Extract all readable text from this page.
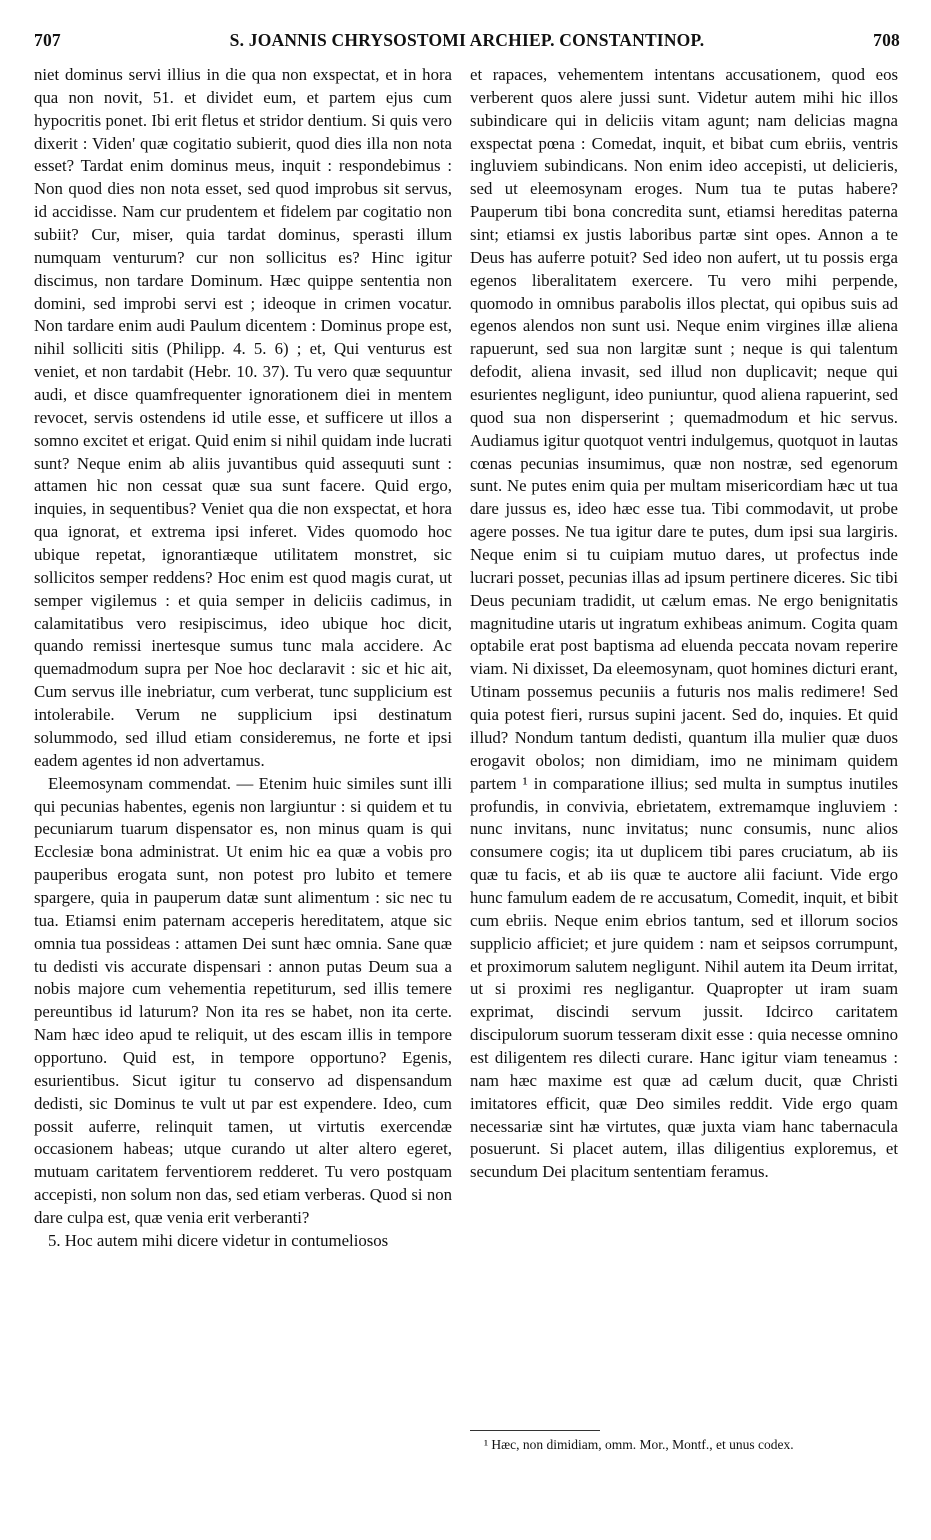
707	S. JOANNIS CHRYSOSTOMI ARCHIEP. CONSTANTINOP.	708

niet dominus servi illius in die qua non exspectat, et in hora qua non novit, 51. et dividet eum, et partem ejus cum hypocritis ponet. Ibi erit fletus et stridor dentium. Si quis vero dixerit : Viden' quæ cogitatio subierit, quod dies illa non nota esset? Tardat enim dominus meus, inquit : respondebimus : Non quod dies non nota esset, sed quod improbus sit servus, id accidisse. Nam cur prudentem et fidelem par cogitatio non subiit? Cur, miser, quia tardat dominus, sperasti illum numquam venturum? cur non sollicitus es? Hinc igitur discimus, non tardare Dominum. Hæc quippe sententia non domini, sed improbi servi est ; ideoque in crimen vocatur. Non tardare enim audi Paulum dicentem : Dominus prope est, nihil solliciti sitis (Philipp. 4. 5. 6) ; et, Qui venturus est veniet, et non tardabit (Hebr. 10. 37). Tu vero quæ sequuntur audi, et disce quamfrequenter ignorationem diei in mentem revocet, servis ostendens id utile esse, et sufficere ut illos a somno excitet et erigat. Quid enim si nihil quidam inde lucrati sunt? Neque enim ab aliis juvantibus quid assequuti sunt : attamen hic non cessat quæ sua sunt facere. Quid ergo, inquies, in sequentibus? Veniet qua die non exspectat, et hora qua ignorat, et extrema ipsi inferet. Vides quomodo hoc ubique repetat, ignorantiæque utilitatem monstret, sic sollicitos semper reddens? Hoc enim est quod magis curat, ut semper vigilemus : et quia semper in deliciis cadimus, in calamitatibus vero resipiscimus, ideo ubique hoc dicit, quando remissi inertesque sumus tunc mala accidere. Ac quemadmodum supra per Noe hoc declaravit : sic et hic ait, Cum servus ille inebriatur, cum verberat, tunc supplicium est intolerabile. Verum ne supplicium ipsi destinatum solummodo, sed illud etiam consideremus, ne forte et ipsi eadem agentes id non advertamus.

Eleemosynam commendat. — Etenim huic similes sunt illi qui pecunias habentes, egenis non largiuntur : si quidem et tu pecuniarum tuarum dispensator es, non minus quam is qui Ecclesiæ bona administrat. Ut enim hic ea quæ a vobis pro pauperibus erogata sunt, non potest pro lubito et temere spargere, quia in pauperum datæ sunt alimentum : sic nec tu tua. Etiamsi enim paternam acceperis hereditatem, atque sic omnia tua possideas : attamen Dei sunt hæc omnia. Sane quæ tu dedisti vis accurate dispensari : annon putas Deum sua a nobis majore cum vehementia repetiturum, sed illis temere pereuntibus id laturum? Non ita res se habet, non ita certe. Nam hæc ideo apud te reliquit, ut des escam illis in tempore opportuno. Quid est, in tempore opportuno? Egenis, esurientibus. Sicut igitur tu conservo ad dispensandum dedisti, sic Dominus te vult ut par est expendere. Ideo, cum possit auferre, relinquit tamen, ut virtutis exercendæ occasionem habeas; utque curando ut alter altero egeret, mutuam caritatem ferventiorem redderet. Tu vero postquam accepisti, non solum non das, sed etiam verberas. Quod si non dare culpa est, quæ venia erit verberanti?

5. Hoc autem mihi dicere videtur in contumeliosos

et rapaces, vehementem intentans accusationem, quod eos verberent quos alere jussi sunt. Videtur autem mihi hic illos subindicare qui in deliciis vitam agunt; nam delicias magna exspectat pœna : Comedat, inquit, et bibat cum ebriis, ventris ingluviem subindicans. Non enim ideo accepisti, ut delicieris, sed ut eleemosynam eroges. Num tua te putas habere? Pauperum tibi bona concredita sunt, etiamsi hereditas paterna sint; etiamsi ex justis laboribus partæ sint opes. Annon a te Deus has auferre potuit? Sed ideo non aufert, ut tu possis erga egenos liberalitatem exercere. Tu vero mihi perpende, quomodo in omnibus parabolis illos plectat, qui opibus suis ad egenos alendos non sunt usi. Neque enim virgines illæ aliena rapuerunt, sed sua non largitæ sunt ; neque is qui talentum defodit, aliena invasit, sed illud non duplicavit; neque qui esurientes negligunt, ideo puniuntur, quod aliena rapuerint, sed quod sua non disperserint ; quemadmodum et hic servus. Audiamus igitur quotquot ventri indulgemus, quotquot in lautas cœnas pecunias insumimus, quæ non nostræ, sed egenorum sunt. Ne putes enim quia per multam misericordiam hæc ut tua dare jussus es, ideo hæc esse tua. Tibi commodavit, ut probe agere posses. Ne tua igitur dare te putes, dum ipsi sua largiris. Neque enim si tu cuipiam mutuo dares, ut profectus inde lucrari posset, pecunias illas ad ipsum pertinere diceres. Sic tibi Deus pecuniam tradidit, ut cælum emas. Ne ergo benignitatis magnitudine utaris ut ingratum exhibeas animum. Cogita quam optabile erat post baptisma ad eluenda peccata novam reperire viam. Ni dixisset, Da eleemosynam, quot homines dicturi erant, Utinam possemus pecuniis a futuris nos malis redimere! Sed quia potest fieri, rursus supini jacent. Sed do, inquies. Et quid illud? Nondum tantum dedisti, quantum illa mulier quæ duos erogavit obolos; non dimidiam, imo ne minimam quidem partem ¹ in comparatione illius; sed multa in sumptus inutiles profundis, in convivia, ebrietatem, extremamque ingluviem : nunc invitans, nunc invitatus; nunc consumis, nunc alios consumere cogis; ita ut duplicem tibi pares cruciatum, ab iis quæ tu facis, et ab iis quæ te auctore alii faciunt. Vide ergo hunc famulum eadem de re accusatum, Comedit, inquit, et bibit cum ebriis. Neque enim ebrios tantum, sed et illorum socios supplicio afficiet; et jure quidem : nam et seipsos corrumpunt, et proximorum salutem negligunt. Nihil autem ita Deum irritat, ut si proximi res negligantur. Quapropter ut iram suam exprimat, discindi servum jussit. Idcirco caritatem discipulorum suorum tesseram dixit esse : quia necesse omnino est diligentem res dilecti curare. Hanc igitur viam teneamus : nam hæc maxime est quæ ad cælum ducit, quæ Christi imitatores efficit, quæ Deo similes reddit. Vide ergo quam necessariæ sint hæ virtutes, quæ juxta viam hanc tabernacula posuerunt. Si placet autem, illas diligentius exploremus, et secundum Dei placitum sententiam feramus.

¹ Hæc, non dimidiam, omm. Mor., Montf., et unus codex.
